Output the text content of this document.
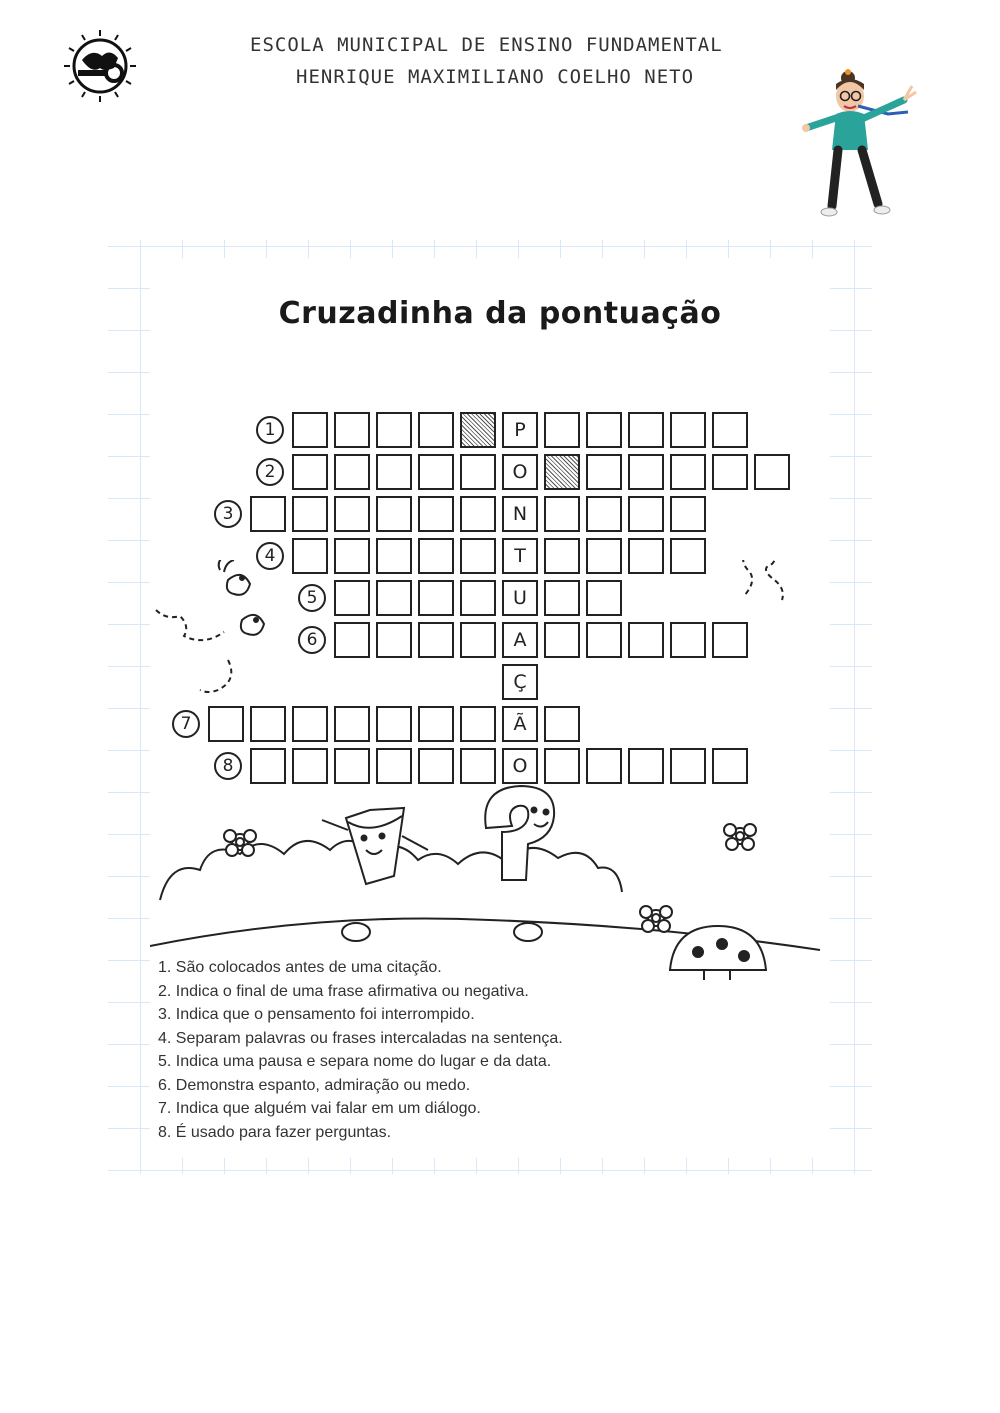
ESCOLA MUNICIPAL DE ENSINO FUNDAMENTAL
HENRIQUE MAXIMILIANO COELHO NETO
Cruzadinha da pontuação
P
1
O
2
N
3
T
4
U
5
A
6
Ç
Ã
7
O
8
1. São colocados antes de uma citação.
2. Indica o final de uma frase afirmativa ou negativa.
3. Indica que o pensamento foi interrompido.
4. Separam palavras ou frases intercaladas na sentença.
5. Indica uma pausa e separa nome do lugar e da data.
6. Demonstra espanto, admiração ou medo.
7. Indica que alguém vai falar em um diálogo.
8. É usado para fazer perguntas.
